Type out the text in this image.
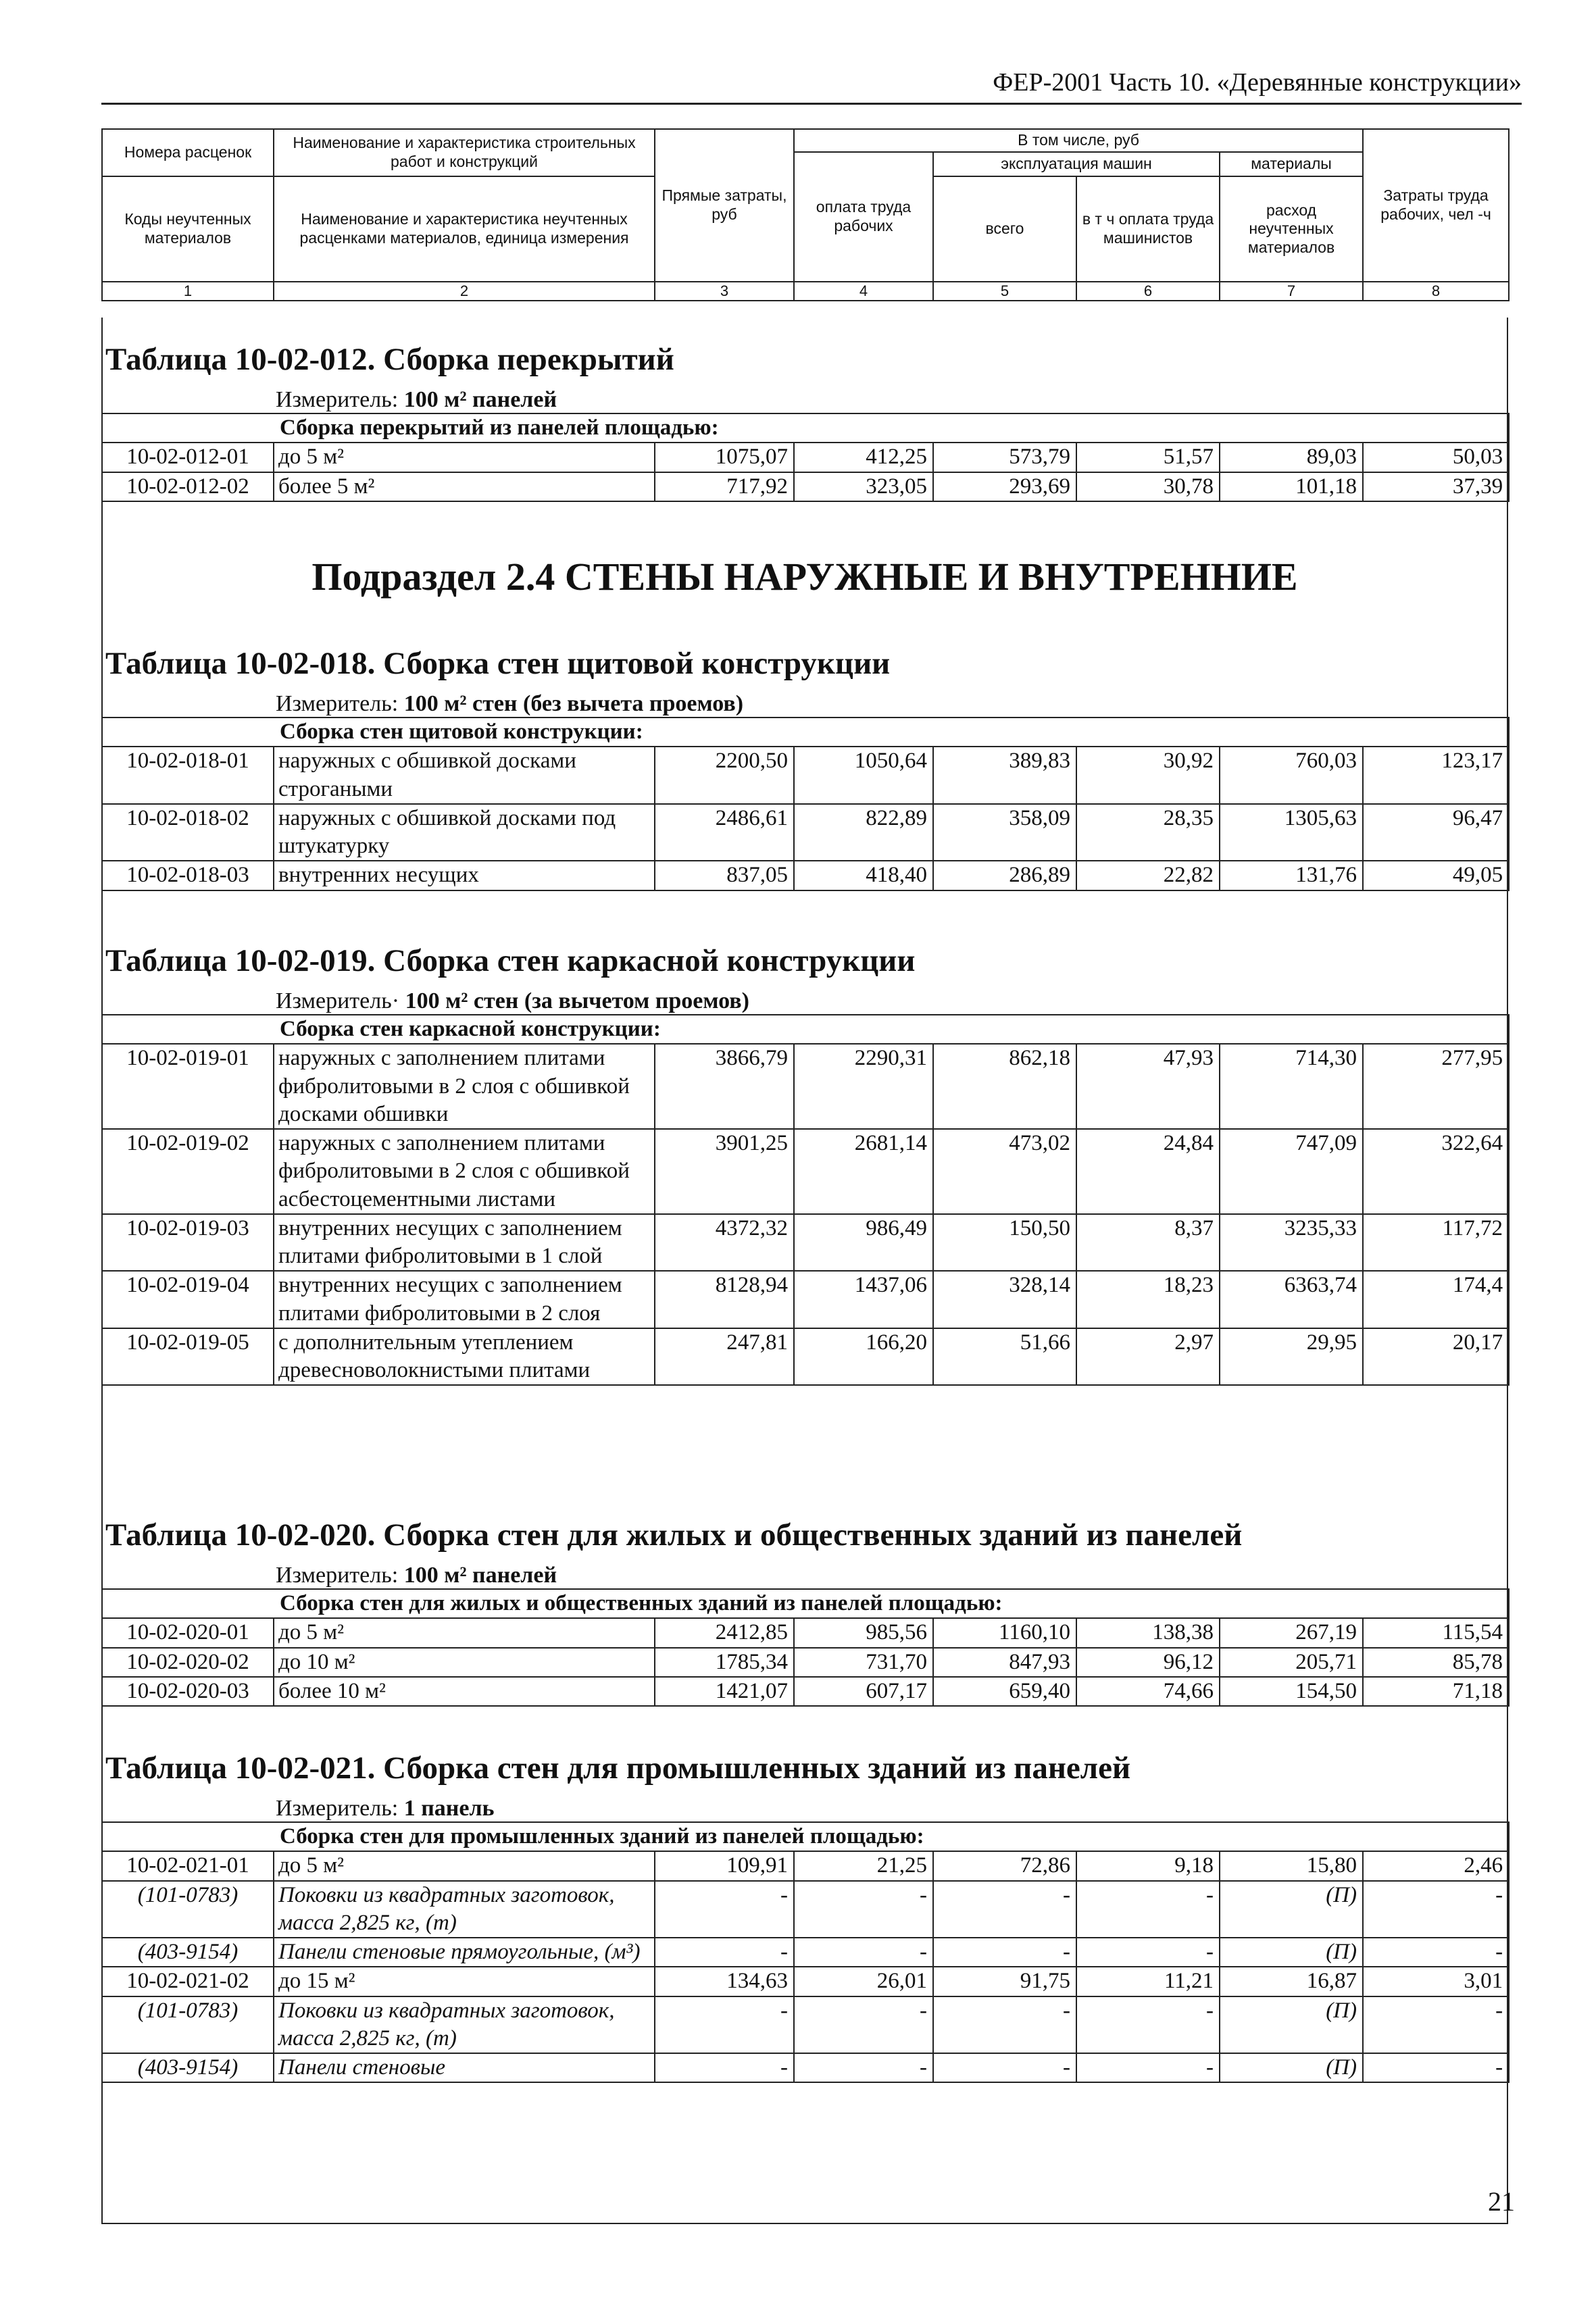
ФЕР-2001 Часть 10. «Деревянные конструкции»
Номера расценок	Наименование и характеристика строительных работ и конструкций	Прямые затраты, руб	В том числе, руб				Затраты труда рабочих, чел -ч
			оплата труда рабочих	эксплуатация машин		материалы	
Коды неучтенных материалов	Наименование и характеристика неучтенных расценками материалов, единица измерения			всего	в т ч оплата труда машинистов	расход неучтенных материалов	

1	2	3	4	5	6	7	8
Таблица 10-02-012. Сборка перекрытий
Измеритель: 100 м² панелей
Сборка перекрытий из панелей площадью:							
10-02-012-01	до 5 м²	1075,07	412,25	573,79	51,57	89,03	50,03
10-02-012-02	более 5 м²	717,92	323,05	293,69	30,78	101,18	37,39
Подраздел 2.4 СТЕНЫ НАРУЖНЫЕ И ВНУТРЕННИЕ
Таблица 10-02-018. Сборка стен щитовой конструкции
Измеритель: 100 м² стен (без вычета проемов)
Сборка стен щитовой конструкции:							
10-02-018-01	наружных с обшивкой досками строгаными	2200,50	1050,64	389,83	30,92	760,03	123,17
10-02-018-02	наружных с обшивкой досками под штукатурку	2486,61	822,89	358,09	28,35	1305,63	96,47
10-02-018-03	внутренних несущих	837,05	418,40	286,89	22,82	131,76	49,05
Таблица 10-02-019. Сборка стен каркасной конструкции
Измеритель· 100 м² стен (за вычетом проемов)
Сборка стен каркасной конструкции:							
10-02-019-01	наружных с заполнением плитами фибролитовыми в 2 слоя с обшивкой досками обшивки	3866,79	2290,31	862,18	47,93	714,30	277,95
10-02-019-02	наружных с заполнением плитами фибролитовыми в 2 слоя с обшивкой асбестоцементными листами	3901,25	2681,14	473,02	24,84	747,09	322,64
10-02-019-03	внутренних несущих с заполнением плитами фибролитовыми в 1 слой	4372,32	986,49	150,50	8,37	3235,33	117,72
10-02-019-04	внутренних несущих с заполнением плитами фибролитовыми в 2 слоя	8128,94	1437,06	328,14	18,23	6363,74	174,4
10-02-019-05	с дополнительным утеплением древесноволокнистыми плитами	247,81	166,20	51,66	2,97	29,95	20,17
Таблица 10-02-020. Сборка стен для жилых и общественных зданий из панелей
Измеритель: 100 м² панелей
Сборка стен для жилых и общественных зданий из панелей площадью:							
10-02-020-01	до 5 м²	2412,85	985,56	1160,10	138,38	267,19	115,54
10-02-020-02	до 10 м²	1785,34	731,70	847,93	96,12	205,71	85,78
10-02-020-03	более 10 м²	1421,07	607,17	659,40	74,66	154,50	71,18
Таблица 10-02-021. Сборка стен для промышленных зданий из панелей
Измеритель: 1 панель
Сборка стен для промышленных зданий из панелей площадью:							
10-02-021-01	до 5 м²	109,91	21,25	72,86	9,18	15,80	2,46
(101-0783)	Поковки из квадратных заготовок, масса 2,825 кг, (т)	-	-	-	-	(П)	-
(403-9154)	Панели стеновые прямоугольные, (м³)	-	-	-	-	(П)	-
10-02-021-02	до 15 м²	134,63	26,01	91,75	11,21	16,87	3,01
(101-0783)	Поковки из квадратных заготовок, масса 2,825 кг, (т)	-	-	-	-	(П)	-
(403-9154)	Панели стеновые	-	-	-	-	(П)	-
21
